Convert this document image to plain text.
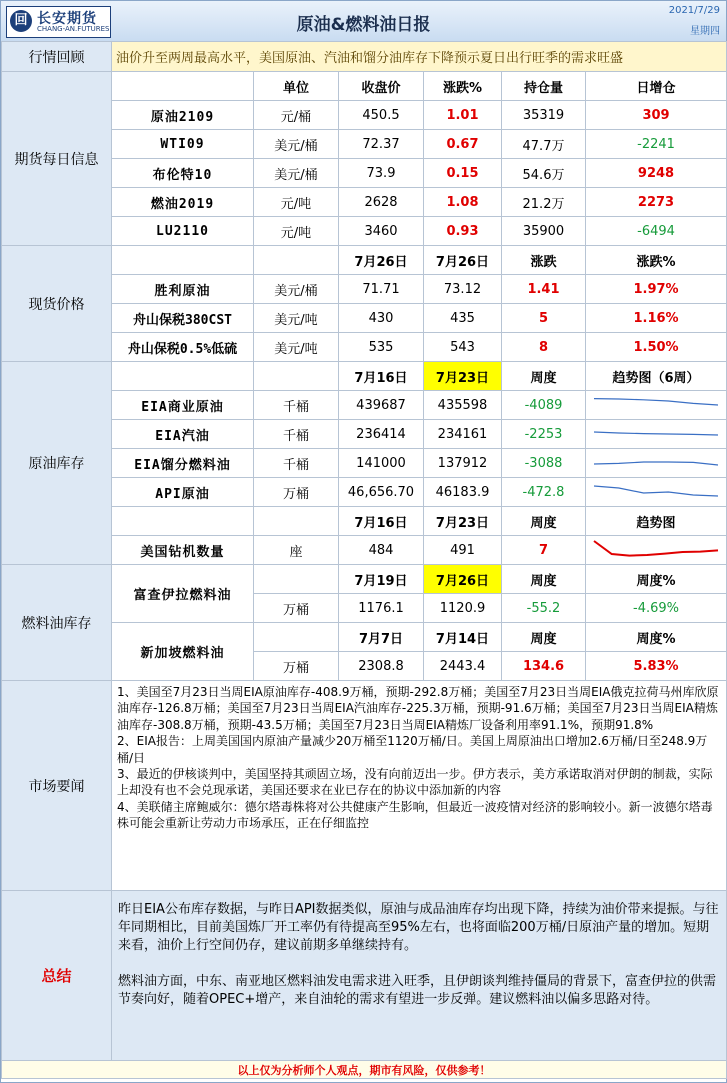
回 长安期货
CHANG-AN.FUTURES	原油&燃料油日报
2021/7/29
星期四
行情回顾	油价升至两周最高水平，美国原油、汽油和馏分油库存下降预示夏日出行旺季的需求旺盛					
期货每日信息		单位	收盘价	涨跌%	持仓量	日增仓
	原油2109	元/桶	450.5	1.01	35319	309
	WTI09	美元/桶	72.37	0.67	47.7万	-2241
	布伦特10	美元/桶	73.9	0.15	54.6万	9248
	燃油2019	元/吨	2628	1.08	21.2万	2273
	LU2110	元/吨	3460	0.93	35900	-6494
现货价格			7月26日	7月26日	涨跌	涨跌%
	胜利原油	美元/桶	71.71	73.12	1.41	1.97%
	舟山保税380CST	美元/吨	430	435	5	1.16%
	舟山保税0.5%低硫	美元/吨	535	543	8	1.50%
原油库存			7月16日	7月23日	周度	趋势图（6周）
	EIA商业原油	千桶	439687	435598	-4089	

	EIA汽油	千桶	236414	234161	-2253	

	EIA馏分燃料油	千桶	141000	137912	-3088	

	API原油	万桶	46,656.70	46183.9	-472.8	

			7月16日	7月23日	周度	趋势图
	美国钻机数量	座	484	491	7	

燃料油库存	富查伊拉燃料油		7月19日	7月26日	周度	周度%
		万桶	1176.1	1120.9	-55.2	-4.69%
	新加坡燃料油		7月7日	7月14日	周度	周度%
		万桶	2308.8	2443.4	134.6	5.83%
市场要闻	1、美国至7月23日当周EIA原油库存-408.9万桶，预期-292.8万桶；美国至7月23日当周EIA俄克拉荷马州库欣原油库存-126.8万桶；美国至7月23日当周EIA汽油库存-225.3万桶，预期-91.6万桶；美国至7月23日当周EIA精炼油库存-308.8万桶，预期-43.5万桶；美国至7月23日当周EIA精炼厂设备利用率91.1%，预期91.8%

2、EIA报告：上周美国国内原油产量减少20万桶至1120万桶/日。美国上周原油出口增加2.6万桶/日至248.9万桶/日

3、最近的伊核谈判中，美国坚持其顽固立场，没有向前迈出一步。伊方表示，美方承诺取消对伊朗的制裁，实际上却没有也不会兑现承诺，美国还要求在业已存在的协议中添加新的内容

4、美联储主席鲍威尔：德尔塔毒株将对公共健康产生影响，但最近一波疫情对经济的影响较小。新一波德尔塔毒株可能会重新让劳动力市场承压，正在仔细监控					

总结	昨日EIA公布库存数据，与昨日API数据类似，原油与成品油库存均出现下降，持续为油价带来提振。与往年同期相比，目前美国炼厂开工率仍有待提高至95%左右，也将面临200万桶/日原油产量的增加。短期来看，油价上行空间仍存，建议前期多单继续持有。

燃料油方面，中东、南亚地区燃料油发电需求进入旺季，且伊朗谈判维持僵局的背景下，富查伊拉的供需节奏向好，随着OPEC+增产，来自油轮的需求有望进一步反弹。建议燃料油以偏多思路对待。					

以上仅为分析师个人观点，期市有风险，仅供参考！						
